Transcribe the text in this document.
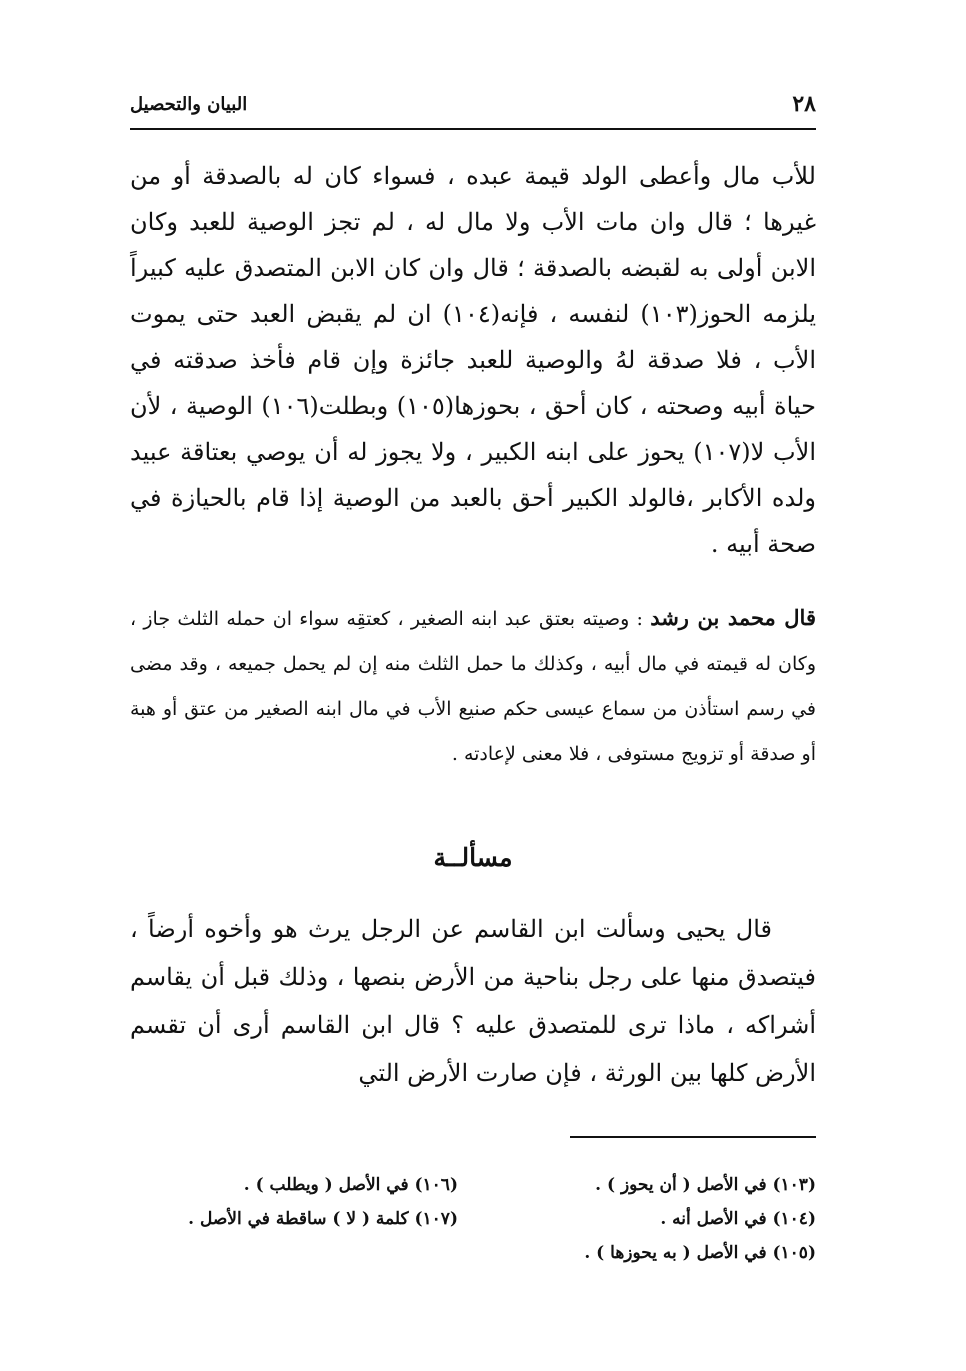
٢٨
البيان والتحصيل
للأب مال وأعطى الولد قيمة عبده ، فسواء كان له بالصدقة أو من غيرها ؛ قال وان مات الأب ولا مال له ، لم تجز الوصية للعبد وكان الابن أولى به لقبضه بالصدقة ؛ قال وان كان الابن المتصدق عليه كبيراً يلزمه الحوز(١٠٣) لنفسه ، فإنه(١٠٤) ان لم يقبض العبد حتى يموت الأب ، فلا صدقة لهُ والوصية للعبد جائزة وإن قام فأخذ صدقته في حياة أبيه وصحته ، كان أحق ، بحوزها(١٠٥) وبطلت(١٠٦) الوصية ، لأن الأب لا(١٠٧) يحوز على ابنه الكبير ، ولا يجوز له أن يوصي بعتاقة عبيد ولده الأكابر ،فالولد الكبير أحق بالعبد من الوصية إذا قام بالحيازة في صحة أبيه .
قال محمد بن رشد : وصيته بعتق عبد ابنه الصغير ، كعتقِه سواء ان حمله الثلث جاز ، وكان له قيمته في مال أبيه ، وكذلك ما حمل الثلث منه إن لم يحمل جميعه ، وقد مضى في رسم استأذن من سماع عيسى حكم صنيع الأب في مال ابنه الصغير من عتق أو هبة أو صدقة أو تزويج مستوفى ، فلا معنى لإعادته .
مسألــة
قال يحيى وسألت ابن القاسم عن الرجل يرث هو وأخوه أرضاً ، فيتصدق منها على رجل بناحية من الأرض بنصها ، وذلك قبل أن يقاسم أشراكه ، ماذا ترى للمتصدق عليه ؟ قال ابن القاسم أرى أن تقسم الأرض كلها بين الورثة ، فإن صارت الأرض التي
(١٠٣) في الأصل ( أن يحوز ) .
(١٠٤) في الأصل أنه .
(١٠٥) في الأصل ( به يحوزها ) .
(١٠٦) في الأصل ( ويطلب ) .
(١٠٧) كلمة ( لا ) ساقطة في الأصل .
